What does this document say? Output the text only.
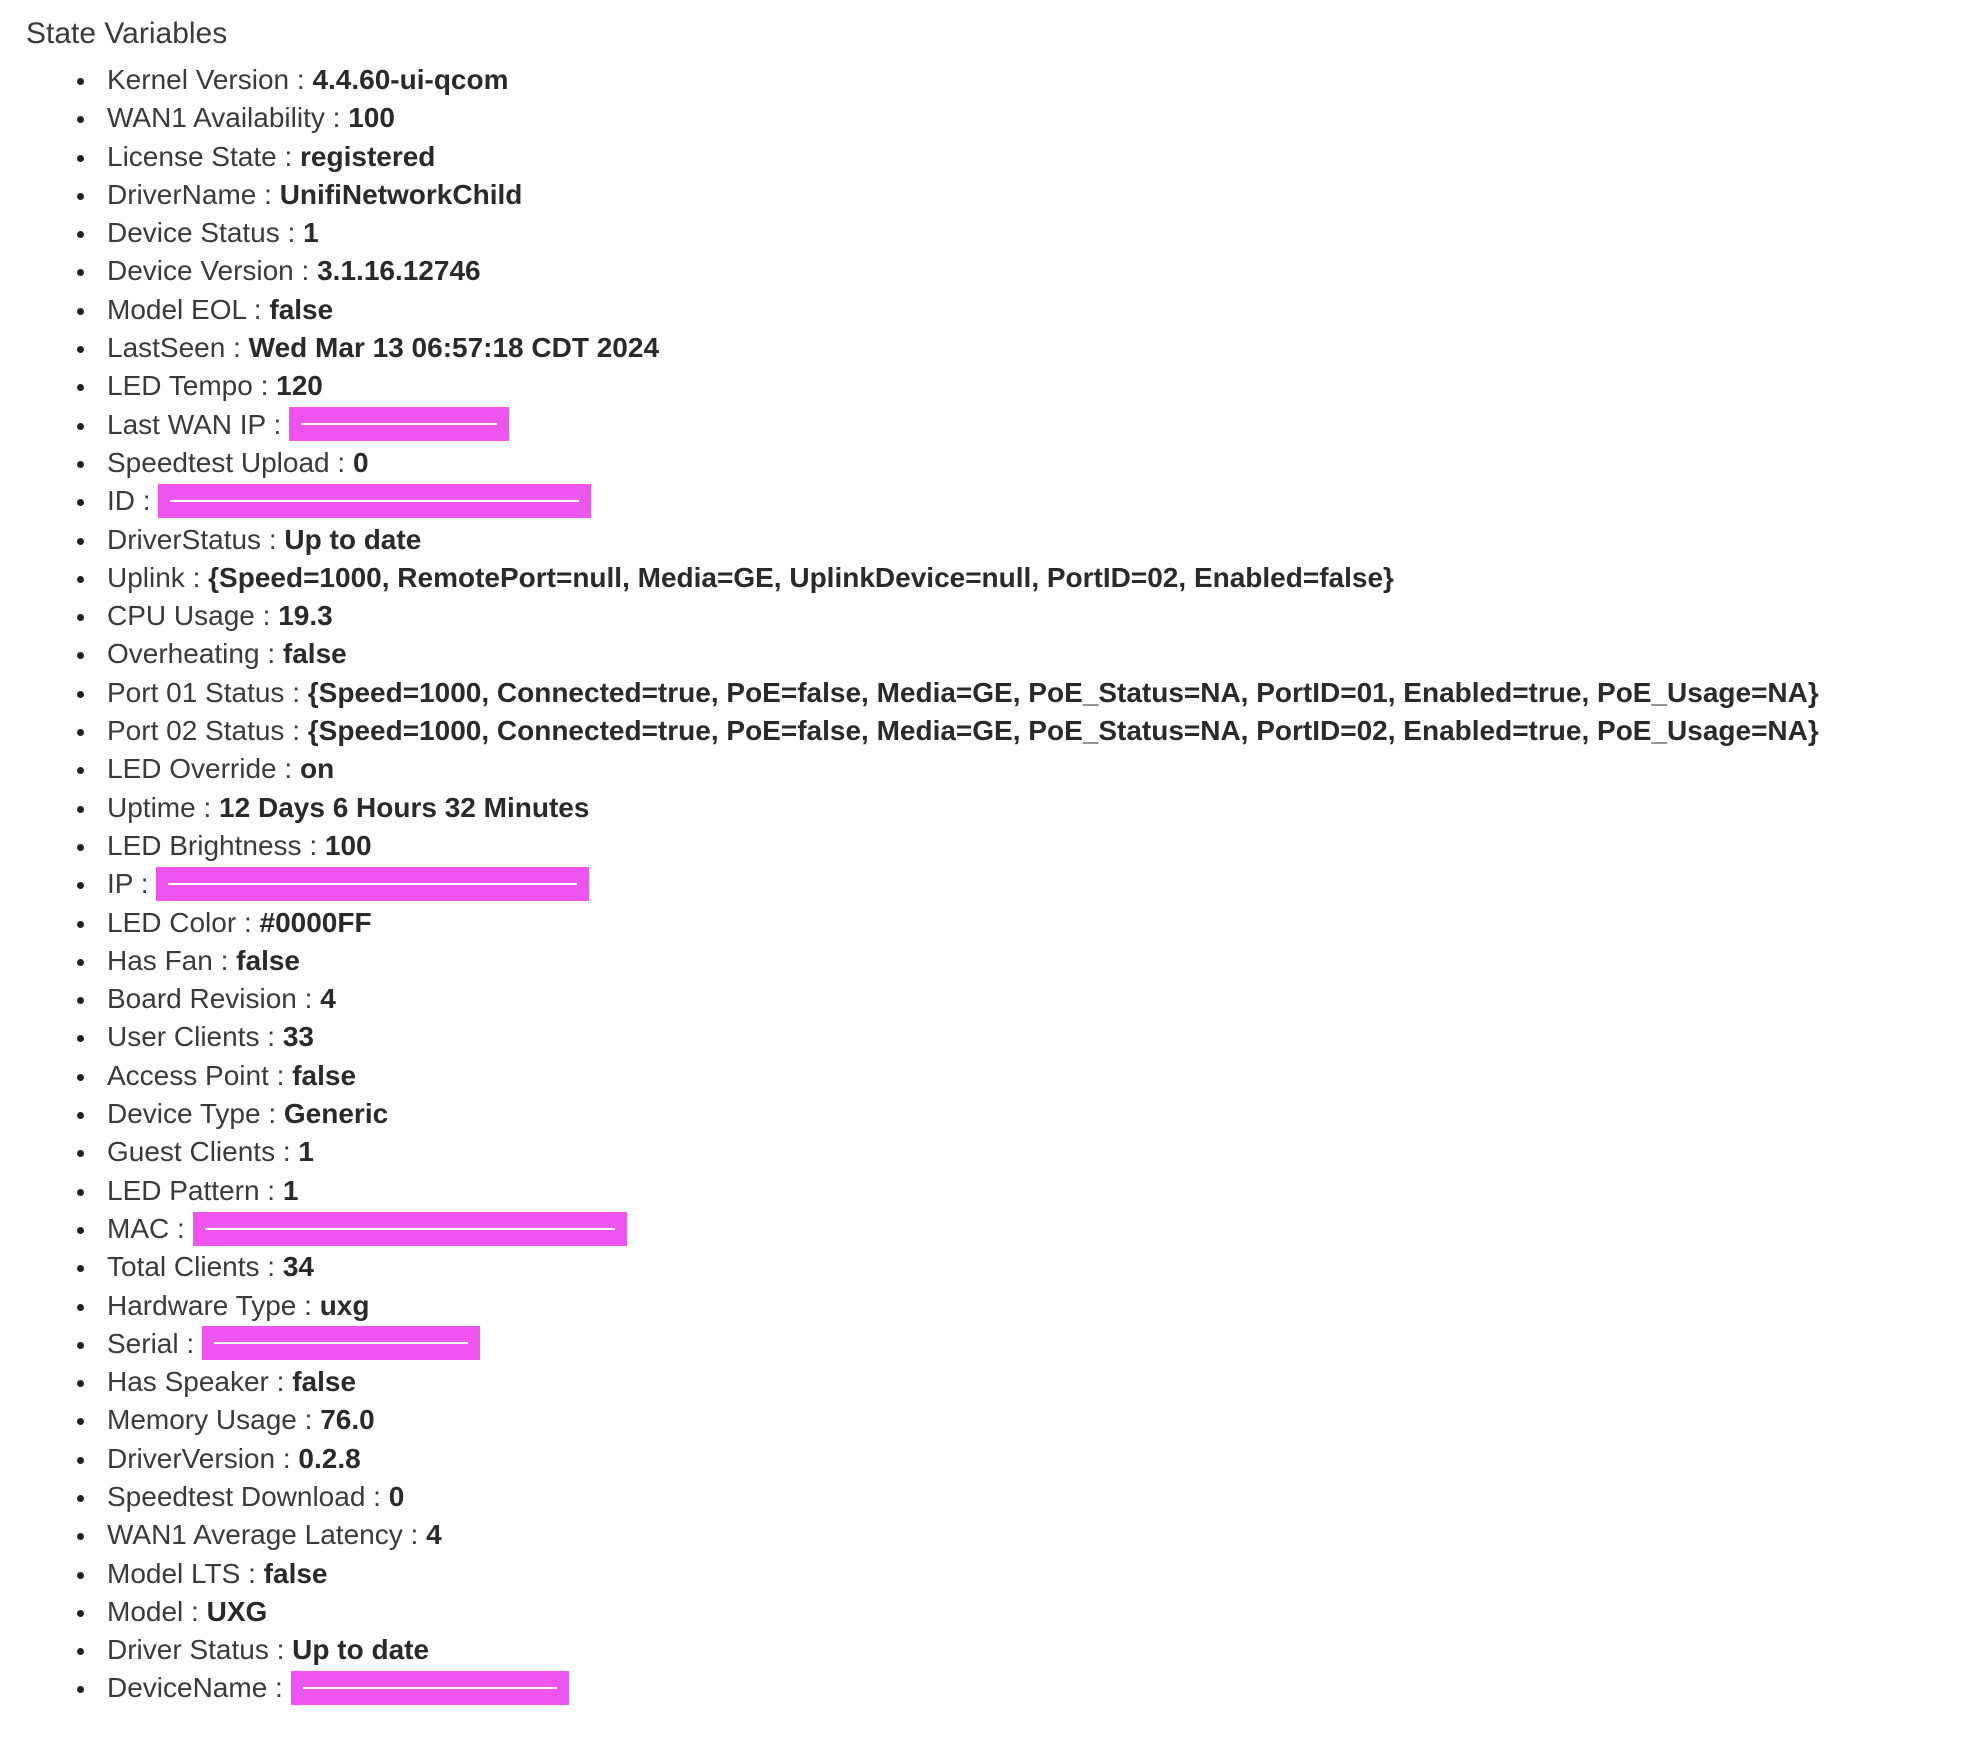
State Variables
Kernel Version : 4.4.60-ui-qcom
WAN1 Availability : 100
License State : registered
DriverName : UnifiNetworkChild
Device Status : 1
Device Version : 3.1.16.12746
Model EOL : false
LastSeen : Wed Mar 13 06:57:18 CDT 2024
LED Tempo : 120
Last WAN IP :
Speedtest Upload : 0
ID :
DriverStatus : Up to date
Uplink : {Speed=1000, RemotePort=null, Media=GE, UplinkDevice=null, PortID=02, Enabled=false}
CPU Usage : 19.3
Overheating : false
Port 01 Status : {Speed=1000, Connected=true, PoE=false, Media=GE, PoE_Status=NA, PortID=01, Enabled=true, PoE_Usage=NA}
Port 02 Status : {Speed=1000, Connected=true, PoE=false, Media=GE, PoE_Status=NA, PortID=02, Enabled=true, PoE_Usage=NA}
LED Override : on
Uptime : 12 Days 6 Hours 32 Minutes
LED Brightness : 100
IP :
LED Color : #0000FF
Has Fan : false
Board Revision : 4
User Clients : 33
Access Point : false
Device Type : Generic
Guest Clients : 1
LED Pattern : 1
MAC :
Total Clients : 34
Hardware Type : uxg
Serial :
Has Speaker : false
Memory Usage : 76.0
DriverVersion : 0.2.8
Speedtest Download : 0
WAN1 Average Latency : 4
Model LTS : false
Model : UXG
Driver Status : Up to date
DeviceName :
